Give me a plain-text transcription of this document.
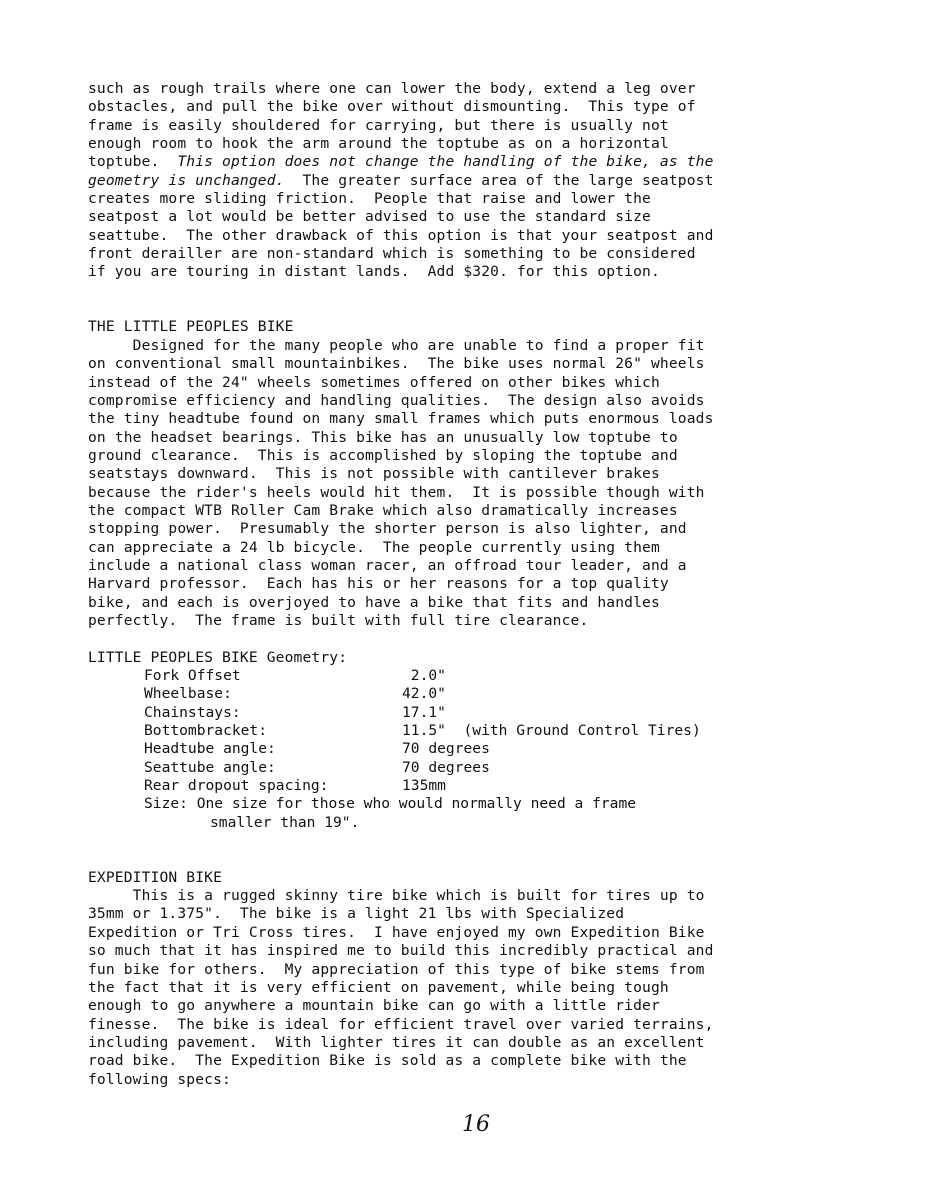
such as rough trails where one can lower the body, extend a leg over
obstacles, and pull the bike over without dismounting.  This type of
frame is easily shouldered for carrying, but there is usually not
enough room to hook the arm around the toptube as on a horizontal
toptube.  This option does not change the handling of the bike, as the
geometry is unchanged.  The greater surface area of the large seatpost
creates more sliding friction.  People that raise and lower the
seatpost a lot would be better advised to use the standard size
seattube.  The other drawback of this option is that your seatpost and
front derailler are non-standard which is something to be considered
if you are touring in distant lands.  Add $320. for this option.
THE LITTLE PEOPLES BIKE
Designed for the many people who are unable to find a proper fit
on conventional small mountainbikes.  The bike uses normal 26" wheels
instead of the 24" wheels sometimes offered on other bikes which
compromise efficiency and handling qualities.  The design also avoids
the tiny headtube found on many small frames which puts enormous loads
on the headset bearings. This bike has an unusually low toptube to
ground clearance.  This is accomplished by sloping the toptube and
seatstays downward.  This is not possible with cantilever brakes
because the rider's heels would hit them.  It is possible though with
the compact WTB Roller Cam Brake which also dramatically increases
stopping power.  Presumably the shorter person is also lighter, and
can appreciate a 24 lb bicycle.  The people currently using them
include a national class woman racer, an offroad tour leader, and a
Harvard professor.  Each has his or her reasons for a top quality
bike, and each is overjoyed to have a bike that fits and handles
perfectly.  The frame is built with full tire clearance.
LITTLE PEOPLES BIKE Geometry:
Fork Offset	2.0"
Wheelbase:	42.0"
Chainstays:	17.1"
Bottombracket:	11.5"  (with Ground Control Tires)
Headtube angle:	70 degrees
Seattube angle:	70 degrees
Rear dropout spacing:	135mm
Size: One size for those who would normally need a frame
smaller than 19".
EXPEDITION BIKE
This is a rugged skinny tire bike which is built for tires up to
35mm or 1.375".  The bike is a light 21 lbs with Specialized
Expedition or Tri Cross tires.  I have enjoyed my own Expedition Bike
so much that it has inspired me to build this incredibly practical and
fun bike for others.  My appreciation of this type of bike stems from
the fact that it is very efficient on pavement, while being tough
enough to go anywhere a mountain bike can go with a little rider
finesse.  The bike is ideal for efficient travel over varied terrains,
including pavement.  With lighter tires it can double as an excellent
road bike.  The Expedition Bike is sold as a complete bike with the
following specs:
16
